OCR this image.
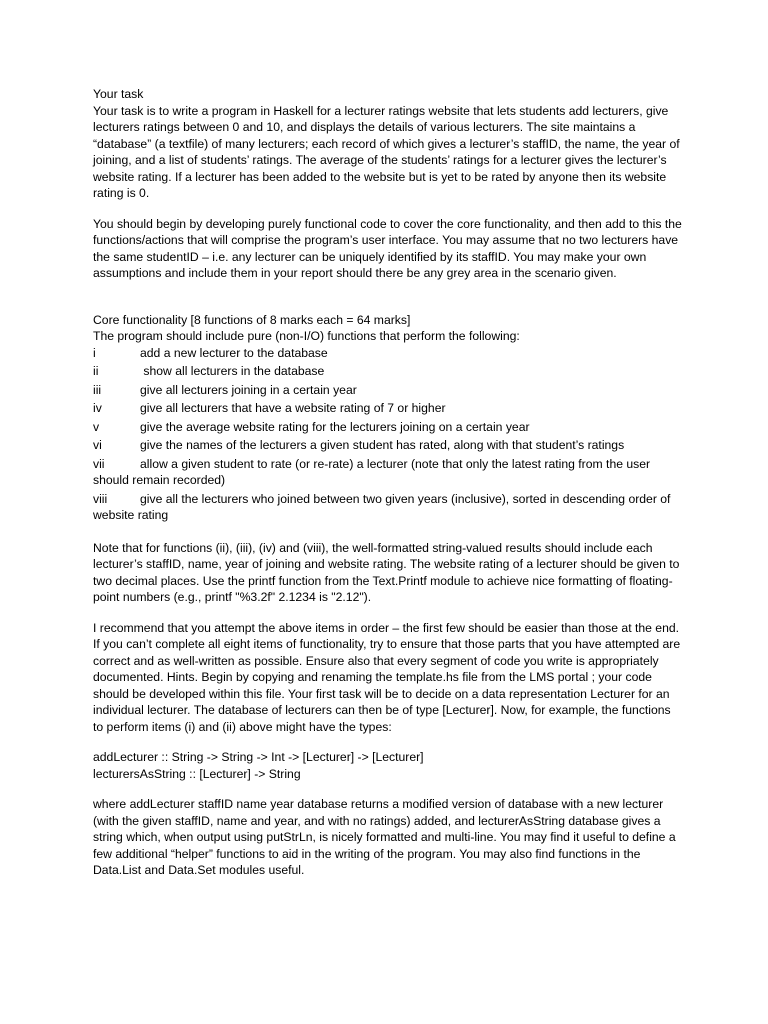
Your task

Your task is to write a program in Haskell for a lecturer ratings website that lets students add lecturers, give lecturers ratings between 0 and 10, and displays the details of various lecturers. The site maintains a “database” (a textfile) of many lecturers; each record of which gives a lecturer’s staffID, the name, the year of joining, and a list of students’ ratings. The average of the students’ ratings for a lecturer gives the lecturer’s website rating. If a lecturer has been added to the website but is yet to be rated by anyone then its website rating is 0.

You should begin by developing purely functional code to cover the core functionality, and then add to this the functions/actions that will comprise the program’s user interface. You may assume that no two lecturers have the same studentID – i.e. any lecturer can be uniquely identified by its staffID. You may make your own assumptions and include them in your report should there be any grey area in the scenario given.

Core functionality [8 functions of 8 marks each = 64 marks]

The program should include pure (non-I/O) functions that perform the following:

i	add a new lecturer to the database
ii	show all lecturers in the database
iii	give all lecturers joining in a certain year
iv	give all lecturers that have a website rating of 7 or higher
v	give the average website rating for the lecturers joining on a certain year
vi	give the names of the lecturers a given student has rated, along with that student’s ratings
vii	allow a given student to rate (or re-rate) a lecturer (note that only the latest rating from the user should remain recorded)
viii	give all the lecturers who joined between two given years (inclusive), sorted in descending order of website rating

Note that for functions (ii), (iii), (iv) and (viii), the well-formatted string-valued results should include each lecturer’s staffID, name, year of joining and website rating. The website rating of a lecturer should be given to two decimal places. Use the printf function from the Text.Printf module to achieve nice formatting of floating-point numbers (e.g., printf "%3.2f" 2.1234 is "2.12").

I recommend that you attempt the above items in order – the first few should be easier than those at the end. If you can’t complete all eight items of functionality, try to ensure that those parts that you have attempted are correct and as well-written as possible. Ensure also that every segment of code you write is appropriately documented. Hints. Begin by copying and renaming the template.hs file from the LMS portal ; your code should be developed within this file. Your first task will be to decide on a data representation Lecturer for an individual lecturer. The database of lecturers can then be of type [Lecturer]. Now, for example, the functions to perform items (i) and (ii) above might have the types:

addLecturer :: String -> String -> Int -> [Lecturer] -> [Lecturer]

lecturersAsString :: [Lecturer] -> String

where addLecturer staffID name year database returns a modified version of database with a new lecturer (with the given staffID, name and year, and with no ratings) added, and lecturerAsString database gives a string which, when output using putStrLn, is nicely formatted and multi-line. You may find it useful to define a few additional “helper” functions to aid in the writing of the program. You may also find functions in the Data.List and Data.Set modules useful.
